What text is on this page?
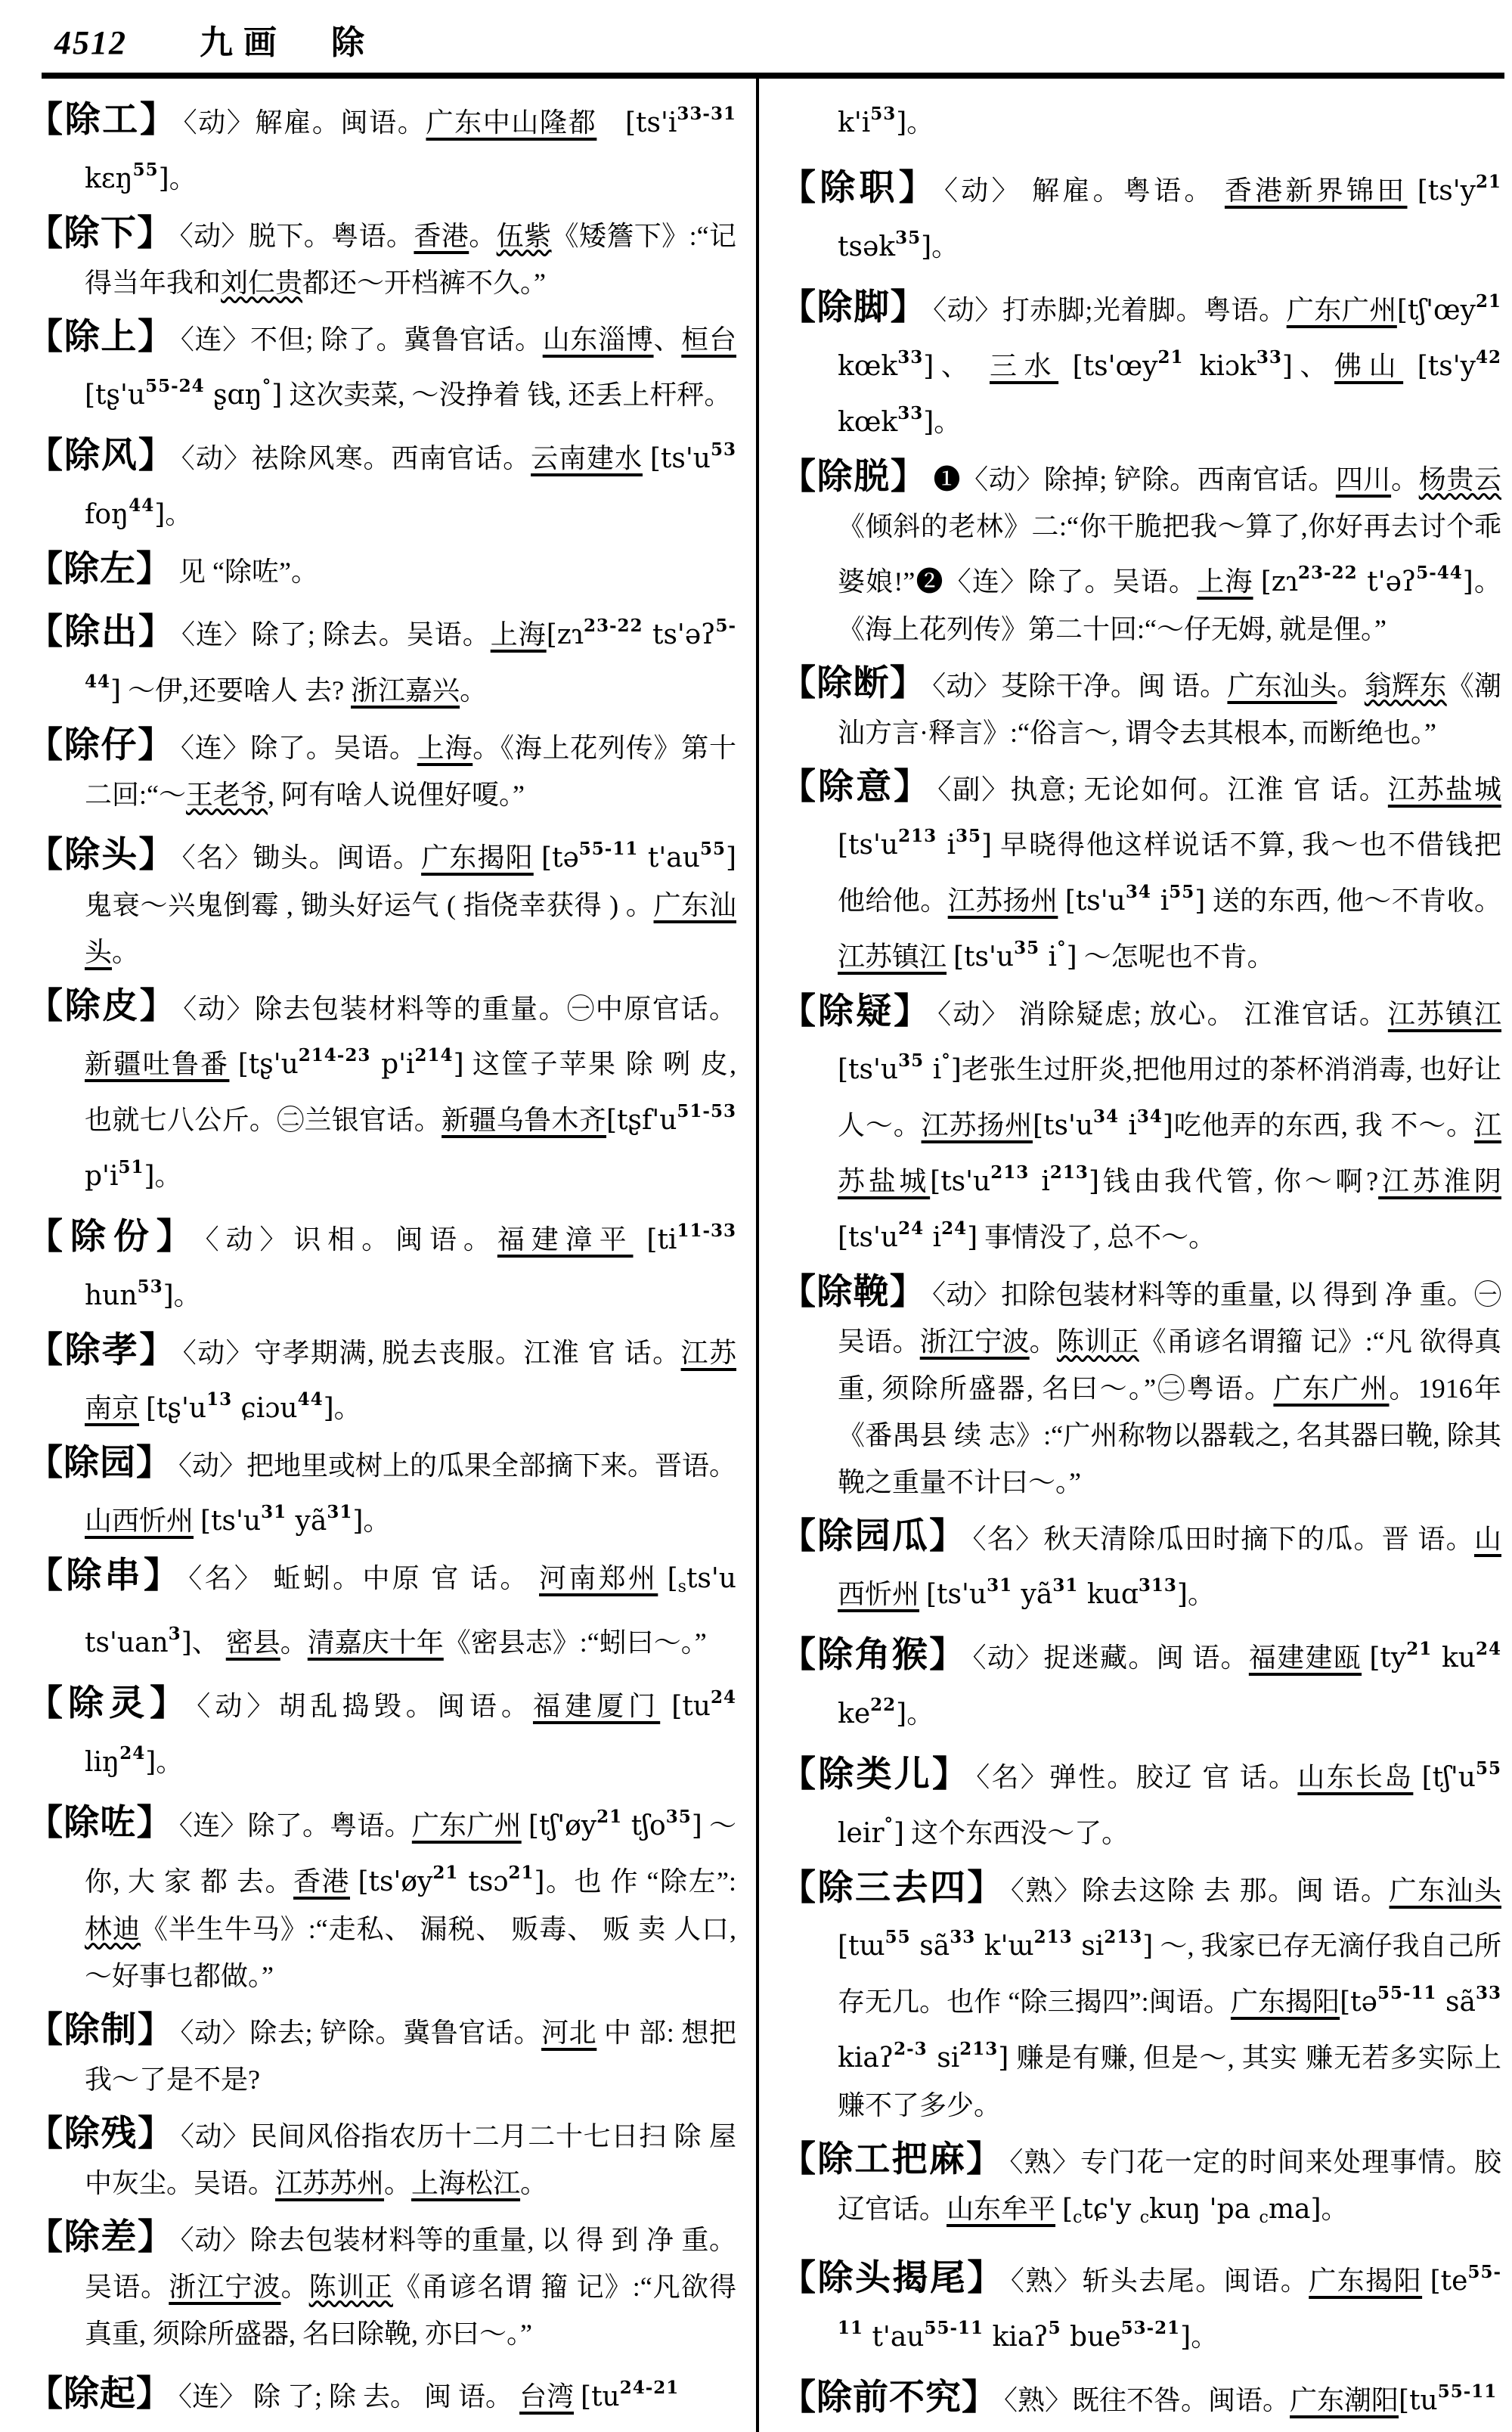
4512 九画　除
【除工】 〈动〉解雇。闽语。广东中山隆都　 [$ts'i^{33-31}$ kɛŋ$^{55}$]。
【除下】 〈动〉脱下。粤语。香港。伍紫《矮簷下》:“记得当年我和刘仁贵都还～开档裤不久。”
【除上】 〈连〉不但; 除了。冀鲁官话。山东淄博、桓台 [$tʂ'u^{55-24}$ ʂɑŋ°] 这次卖菜, ～没挣着 钱, 还丢上杆秤。
【除风】 〈动〉祛除风寒。西南官话。云南建水 [$ts'u^{53}$ foŋ$^{44}$]。
【除左】 见 “除咗”。
【除出】 〈连〉除了; 除去。吴语。上海[zɿ$^{23-22}$ ts'əʔ$^{5-44}$] ～伊,还要啥人 去? 浙江嘉兴。
【除仔】 〈连〉除了。吴语。上海。《海上花列传》第十二回:“～王老爷, 阿有啥人说俚好嗄。”
【除头】 〈名〉锄头。闽语。广东揭阳 [tə$^{55-11}$ $t'au^{55}$] 鬼衰～兴鬼倒霉 , 锄头好运气 ( 指侥幸获得 ) 。广东汕头。
【除皮】 〈动〉除去包装材料等的重量。㊀中原官话。新疆吐鲁番 [$tʂ'u^{214-23}$ $p'i^{214}$] 这筐子苹果 除 咧 皮, 也就七八公斤。㊁兰银官话。新疆乌鲁木齐[$tʂf'u^{51-53}$ $p'i^{51}$]。
【除份】 〈动〉识相。闽语。福建漳平 [$ti^{11-33}$ hun$^{53}$]。
【除孝】 〈动〉守孝期满, 脱去丧服。江淮 官 话。江苏南京 [$tʂ'u^{13}$ ɕiɔu$^{44}$]。
【除园】 〈动〉把地里或树上的瓜果全部摘下来。晋语。山西忻州 [$ts'u^{31}$ $yã^{31}$]。
【除串】 〈名〉 蚯蚓。中原 官 话。 河南郑州 [$_sts'u$ ts'uan$^3$]、 密县。清嘉庆十年《密县志》:“蚓曰～。”
【除灵】 〈动〉胡乱捣毁。闽语。福建厦门 [$tu^{24}$ liŋ$^{24}$]。
【除咗】 〈连〉除了。粤语。广东广州 [$tʃ'øy^{21}$ tʃo$^{35}$] ～你, 大 家 都 去。香港 [$ts'øy^{21}$ tsɔ$^{21}$]。也 作 “除左”: 林迪《半生牛马》:“走私、 漏税、 贩毒、 贩 卖 人口, ～好事乜都做。”
【除制】 〈动〉除去; 铲除。冀鲁官话。河北 中 部: 想把我～了是不是?
【除残】 〈动〉民间风俗指农历十二月二十七日扫 除 屋中灰尘。吴语。江苏苏州。上海松江。
【除差】 〈动〉除去包装材料等的重量, 以 得 到 净 重。吴语。浙江宁波。陈训正《甬谚名谓 籀 记》:“凡欲得真重, 须除所盛器, 名曰除鞔, 亦曰～。”
【除起】 〈连〉 除 了; 除 去。 闽 语。 台湾 [$tu^{24-21}$
$k'i^{53}$]。
【除职】 〈动〉 解雇。粤语。 香港新界锦田 [$ts'y^{21}$ tsək$^{35}$]。
【除脚】 〈动〉打赤脚;光着脚。粤语。广东广州[$tʃ'œy^{21}$ kœk$^{33}$]、 三水 [$ts'œy^{21}$ kiɔk$^{33}$]、佛山 [$ts'y^{42}$ kœk$^{33}$]。
【除脱】 ❶〈动〉除掉; 铲除。西南官话。四川。杨贵云《倾斜的老林》二:“你干脆把我～算了,你好再去讨个乖婆娘!”❷〈连〉除了。吴语。上海 [zɿ$^{23-22}$ t'əʔ$^{5-44}$]。《海上花列传》第二十回:“～仔无姆, 就是俚。”
【除断】 〈动〉芟除干净。闽 语。广东汕头。翁辉东《潮汕方言·释言》:“俗言～, 谓令去其根本, 而断绝也。”
【除意】 〈副〉执意; 无论如何。江淮 官 话。江苏盐城 [$ts'u^{213}$ $i^{35}$] 早晓得他这样说话不算, 我～也不借钱把 他给他。江苏扬州 [$ts'u^{34}$ $i^{55}$] 送的东西, 他～不肯收。江苏镇江 [$ts'u^{35}$ i°] ～怎呢也不肯。
【除疑】 〈动〉 消除疑虑; 放心。 江淮官话。江苏镇江 [$ts'u^{35}$ i°]老张生过肝炎,把他用过的茶杯消消毒, 也好让人～。江苏扬州[$ts'u^{34}$ $i^{34}$]吃他弄的东西, 我 不～。江苏盐城[$ts'u^{213}$ $i^{213}$]钱由我代管, 你～啊?江苏淮阴 [$ts'u^{24}$ $i^{24}$] 事情没了, 总不～。
【除鞔】 〈动〉扣除包装材料等的重量, 以 得到 净 重。㊀吴语。浙江宁波。陈训正《甬谚名谓籀 记》:“凡 欲得真重, 须除所盛器, 名曰～。”㊁粤语。广东广州。1916年《番禺县 续 志》:“广州称物以器载之, 名其器曰鞔, 除其鞔之重量不计曰～。”
【除园瓜】 〈名〉秋天清除瓜田时摘下的瓜。晋 语。山西忻州 [$ts'u^{31}$ $yã^{31}$ kuɑ$^{313}$]。
【除角猴】 〈动〉捉迷藏。闽 语。福建建瓯 [$ty^{21}$ $ku^{24}$ $ke^{22}$]。
【除类儿】 〈名〉弹性。胶辽 官 话。山东长岛 [$tʃ'u^{55}$ leir°] 这个东西没～了。
【除三去四】 〈熟〉除去这除 去 那。闽 语。广东汕头 [tɯ$^{55}$ $sã^{33}$ k'ɯ$^{213}$ $si^{213}$] ～, 我家已存无滴仔我自己所存无几。也作 “除三揭四”:闽语。广东揭阳[tə$^{55-11}$ $sã^{33}$ kiaʔ$^{2-3}$ $si^{213}$] 赚是有赚, 但是～, 其实 赚无若多实际上赚不了多少。
【除工把麻】 〈熟〉专门花一定的时间来处理事情。胶辽官话。山东牟平 [$_ctɕ'y$ $_c$kuŋ 'pa $_c$ma]。
【除头揭尾】 〈熟〉斩头去尾。闽语。广东揭阳 [$te^{55-11}$ $t'au^{55-11}$ kiaʔ$^5$ bue$^{53-21}$]。
【除前不究】 〈熟〉既往不咎。闽语。广东潮阳[$tu^{55-11}$
